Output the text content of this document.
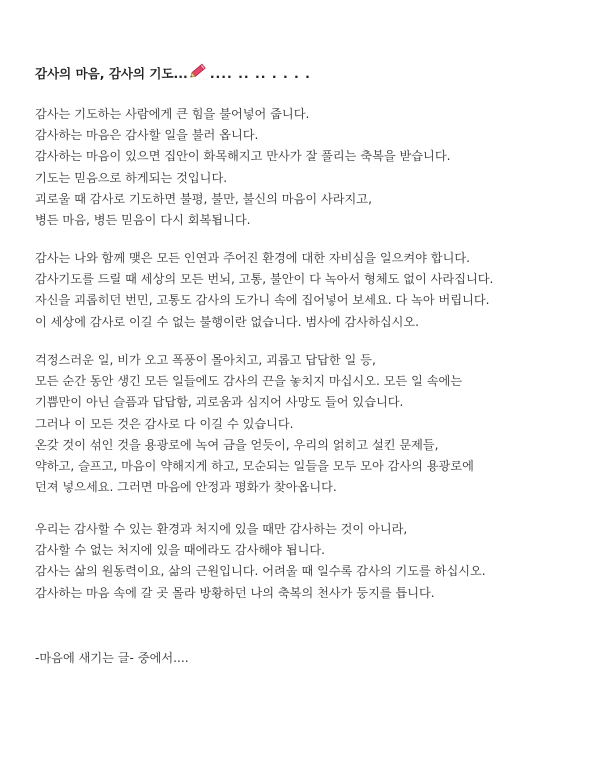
감사의 마음, 감사의 기도... .... .. .. . . . .
감사는 기도하는 사람에게 큰 힘을 불어넣어 줍니다.
감사하는 마음은 감사할 일을 불러 옵니다.
감사하는 마음이 있으면 집안이 화목해지고 만사가 잘 풀리는 축복을 받습니다.
기도는 믿음으로 하게되는 것입니다.
괴로울 때 감사로 기도하면 불평, 불만, 불신의 마음이 사라지고,
병든 마음, 병든 믿음이 다시 회복됩니다.
감사는 나와 함께 맺은 모든 인연과 주어진 환경에 대한 자비심을 일으켜야 합니다.
감사기도를 드릴 때 세상의 모든 번뇌, 고통, 불안이 다 녹아서 형체도 없이 사라집니다.
자신을 괴롭히던 번민, 고통도 감사의 도가니 속에 집어넣어 보세요. 다 녹아 버립니다.
이 세상에 감사로 이길 수 없는 불행이란 없습니다. 범사에 감사하십시오.
걱정스러운 일, 비가 오고 폭풍이 몰아치고, 괴롭고 답답한 일 등,
모든 순간 동안 생긴 모든 일들에도 감사의 끈을 놓치지 마십시오. 모든 일 속에는
기쁨만이 아닌 슬픔과 답답함, 괴로움과 심지어 사망도 들어 있습니다.
그러나 이 모든 것은 감사로 다 이길 수 있습니다.
온갖 것이 섞인 것을 용광로에 녹여 금을 얻듯이, 우리의 얽히고 설킨 문제들,
약하고, 슬프고, 마음이 약해지게 하고, 모순되는 일들을 모두 모아 감사의 용광로에
던져 넣으세요. 그러면 마음에 안정과 평화가 찾아옵니다.
우리는 감사할 수 있는 환경과 처지에 있을 때만 감사하는 것이 아니라,
감사할 수 없는 처지에 있을 때에라도 감사해야 됩니다.
감사는 삶의 원동력이요, 삶의 근원입니다. 어려울 때 일수록 감사의 기도를 하십시오.
감사하는 마음 속에 갈 곳 몰라 방황하던 나의 축복의 천사가 둥지를 틉니다.
-마음에 새기는 글- 중에서....
